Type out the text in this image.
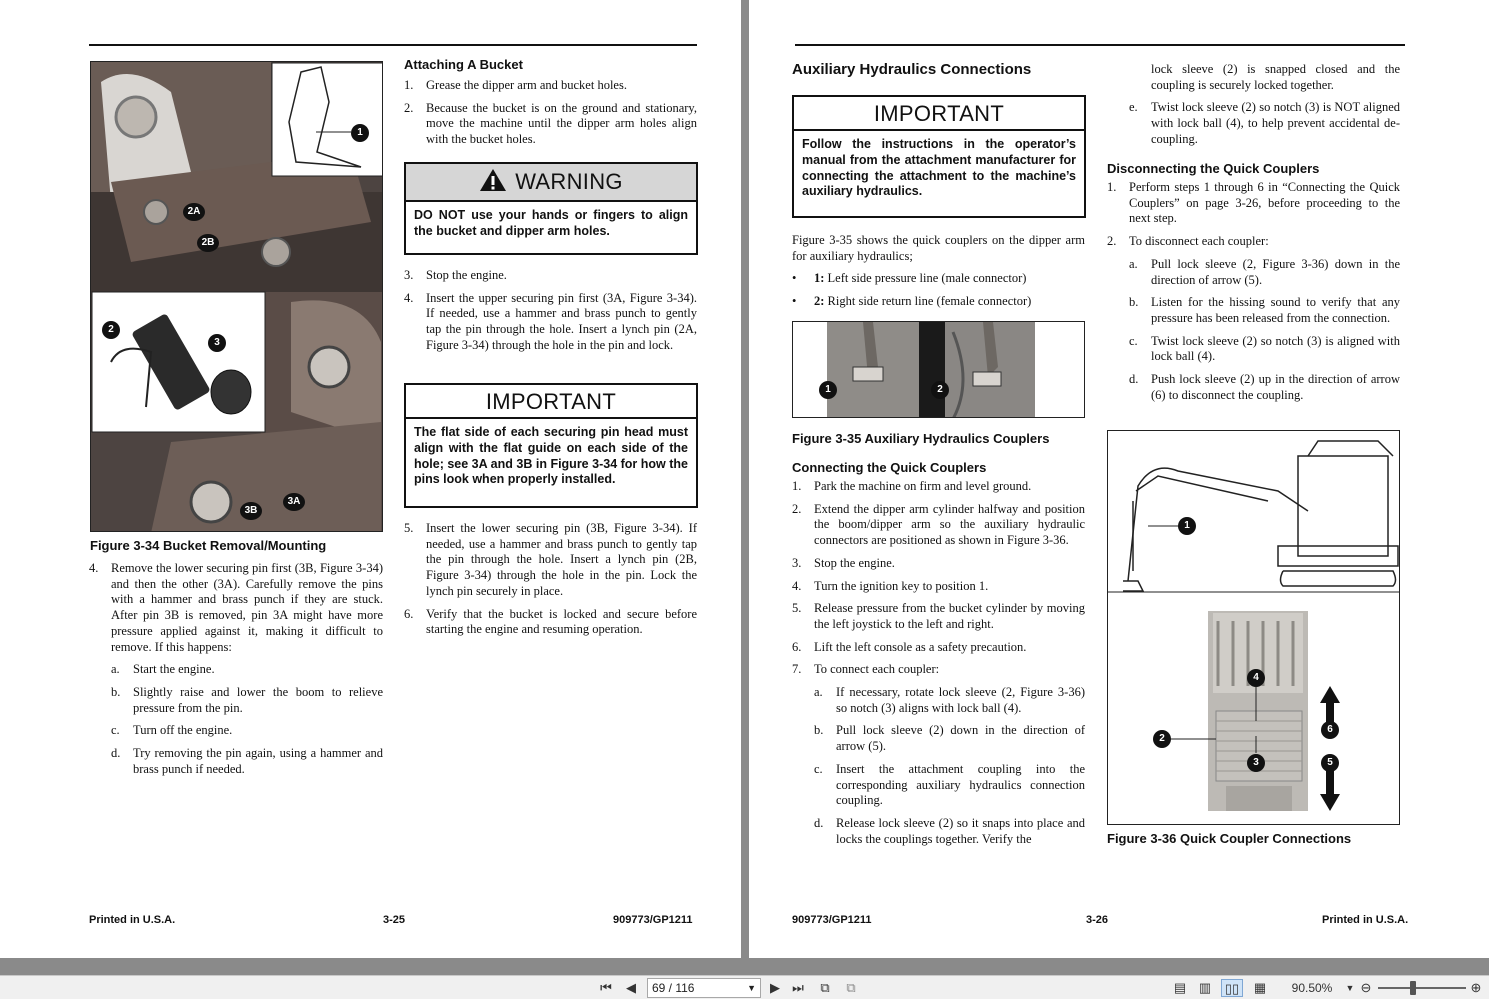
1
2A
2B
2
3
3B
3A
Figure 3-34 Bucket Removal/Mounting
4. Remove the lower securing pin first (3B, Figure 3-34) and then the other (3A). Carefully remove the pins with a hammer and brass punch if they are stuck. After pin 3B is removed, pin 3A might have more pressure applied against it, making it difficult to remove. If this happens:
a. Start the engine.
b. Slightly raise and lower the boom to relieve pressure from the pin.
c. Turn off the engine.
d. Try removing the pin again, using a hammer and brass punch if needed.
Attaching A Bucket
1. Grease the dipper arm and bucket holes.
2. Because the bucket is on the ground and stationary, move the machine until the dipper arm holes align with the bucket holes.
WARNING
DO NOT use your hands or fingers to align the bucket and dipper arm holes.
3. Stop the engine.
4. Insert the upper securing pin first (3A, Figure 3-34). If needed, use a hammer and brass punch to gently tap the pin through the hole. Insert a lynch pin (2A, Figure 3-34) through the hole in the pin and lock.
IMPORTANT
The flat side of each securing pin head must align with the flat guide on each side of the hole; see 3A and 3B in Figure 3-34 for how the pins look when properly installed.
5. Insert the lower securing pin (3B, Figure 3-34). If needed, use a hammer and brass punch to gently tap the pin through the hole. Insert a lynch pin (2B, Figure 3-34) through the hole in the pin. Lock the lynch pin securely in place.
6. Verify that the bucket is locked and secure before starting the engine and resuming operation.
Printed in U.S.A.	3-25	909773/GP1211
Auxiliary Hydraulics Connections
IMPORTANT
Follow the instructions in the operator’s manual from the attachment manufacturer for connecting the attachment to the machine’s auxiliary hydraulics.
Figure 3-35 shows the quick couplers on the dipper arm for auxiliary hydraulics;
• 1: Left side pressure line (male connector)
• 2: Right side return line (female connector)
1	2
Figure 3-35 Auxiliary Hydraulics Couplers
Connecting the Quick Couplers
1. Park the machine on firm and level ground.
2. Extend the dipper arm cylinder halfway and position the boom/dipper arm so the auxiliary hydraulic connectors are positioned as shown in Figure 3-36.
3. Stop the engine.
4. Turn the ignition key to position 1.
5. Release pressure from the bucket cylinder by moving the left joystick to the left and right.
6. Lift the left console as a safety precaution.
7. To connect each coupler:
a. If necessary, rotate lock sleeve (2, Figure 3-36) so notch (3) aligns with lock ball (4).
b. Pull lock sleeve (2) down in the direction of arrow (5).
c. Insert the attachment coupling into the corresponding auxiliary hydraulics connection coupling.
d. Release lock sleeve (2) so it snaps into place and locks the couplings together. Verify the
lock sleeve (2) is snapped closed and the coupling is securely locked together.
e. Twist lock sleeve (2) so notch (3) is NOT aligned with lock ball (4), to help prevent accidental de-coupling.
Disconnecting the Quick Couplers
1. Perform steps 1 through 6 in “Connecting the Quick Couplers” on page 3-26, before proceeding to the next step.
2. To disconnect each coupler:
a. Pull lock sleeve (2, Figure 3-36) down in the direction of arrow (5).
b. Listen for the hissing sound to verify that any pressure has been released from the connection.
c. Twist lock sleeve (2) so notch (3) is aligned with lock ball (4).
d. Push lock sleeve (2) up in the direction of arrow (6) to disconnect the coupling.
1
4
6
2
3	5
Figure 3-36 Quick Coupler Connections
909773/GP1211	3-26	Printed in U.S.A.
⏮ ◀	69 / 116	▼ ▶ ⏭	⧉	⧉	▤ ▥ ▯▯ ▦	90.50%	▼ ⊖	⊕
